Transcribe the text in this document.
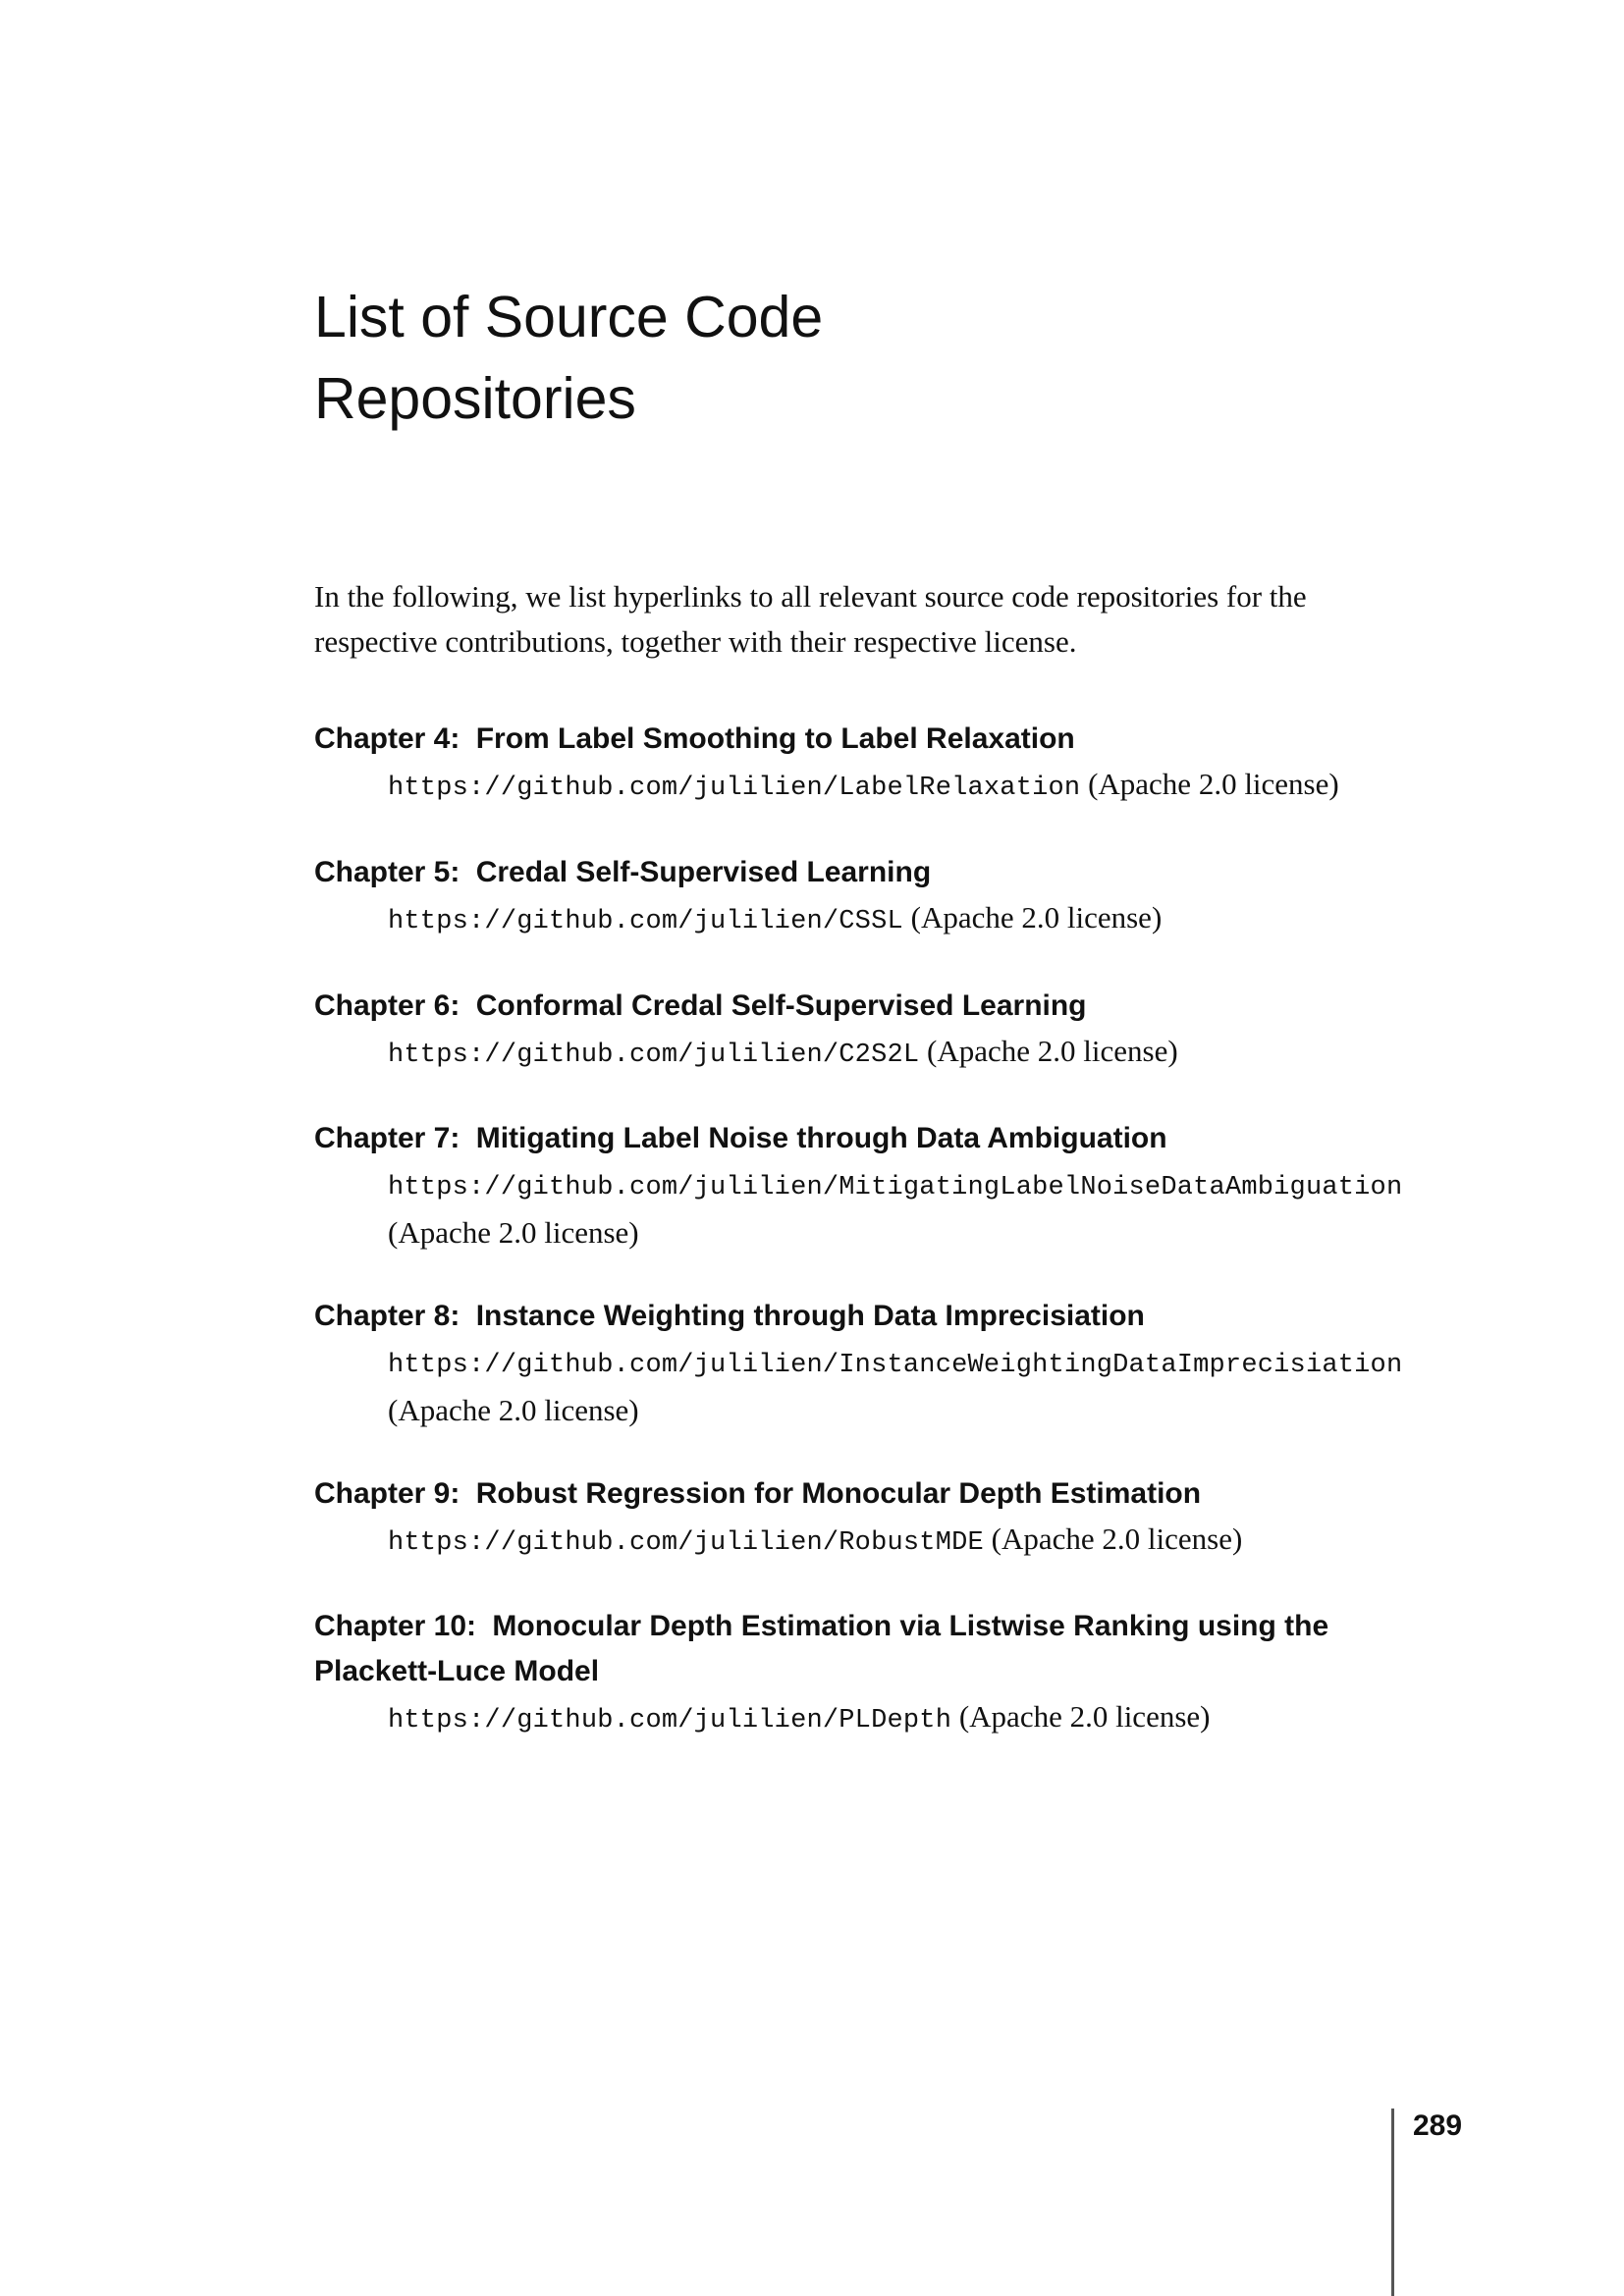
List of Source Code
Repositories

In the following, we list hyperlinks to all relevant source code repositories for the respective contributions, together with their respective license.

Chapter 4: From Label Smoothing to Label Relaxation

https://github.com/julilien/LabelRelaxation (Apache 2.0 license)

Chapter 5: Credal Self-Supervised Learning

https://github.com/julilien/CSSL (Apache 2.0 license)

Chapter 6: Conformal Credal Self-Supervised Learning

https://github.com/julilien/C2S2L (Apache 2.0 license)

Chapter 7: Mitigating Label Noise through Data Ambiguation

https://github.com/julilien/MitigatingLabelNoiseDataAmbiguation
(Apache 2.0 license)

Chapter 8: Instance Weighting through Data Imprecisiation

https://github.com/julilien/InstanceWeightingDataImprecisiation
(Apache 2.0 license)

Chapter 9: Robust Regression for Monocular Depth Estimation

https://github.com/julilien/RobustMDE (Apache 2.0 license)

Chapter 10: Monocular Depth Estimation via Listwise Ranking using the Plackett-Luce Model

https://github.com/julilien/PLDepth (Apache 2.0 license)

289
